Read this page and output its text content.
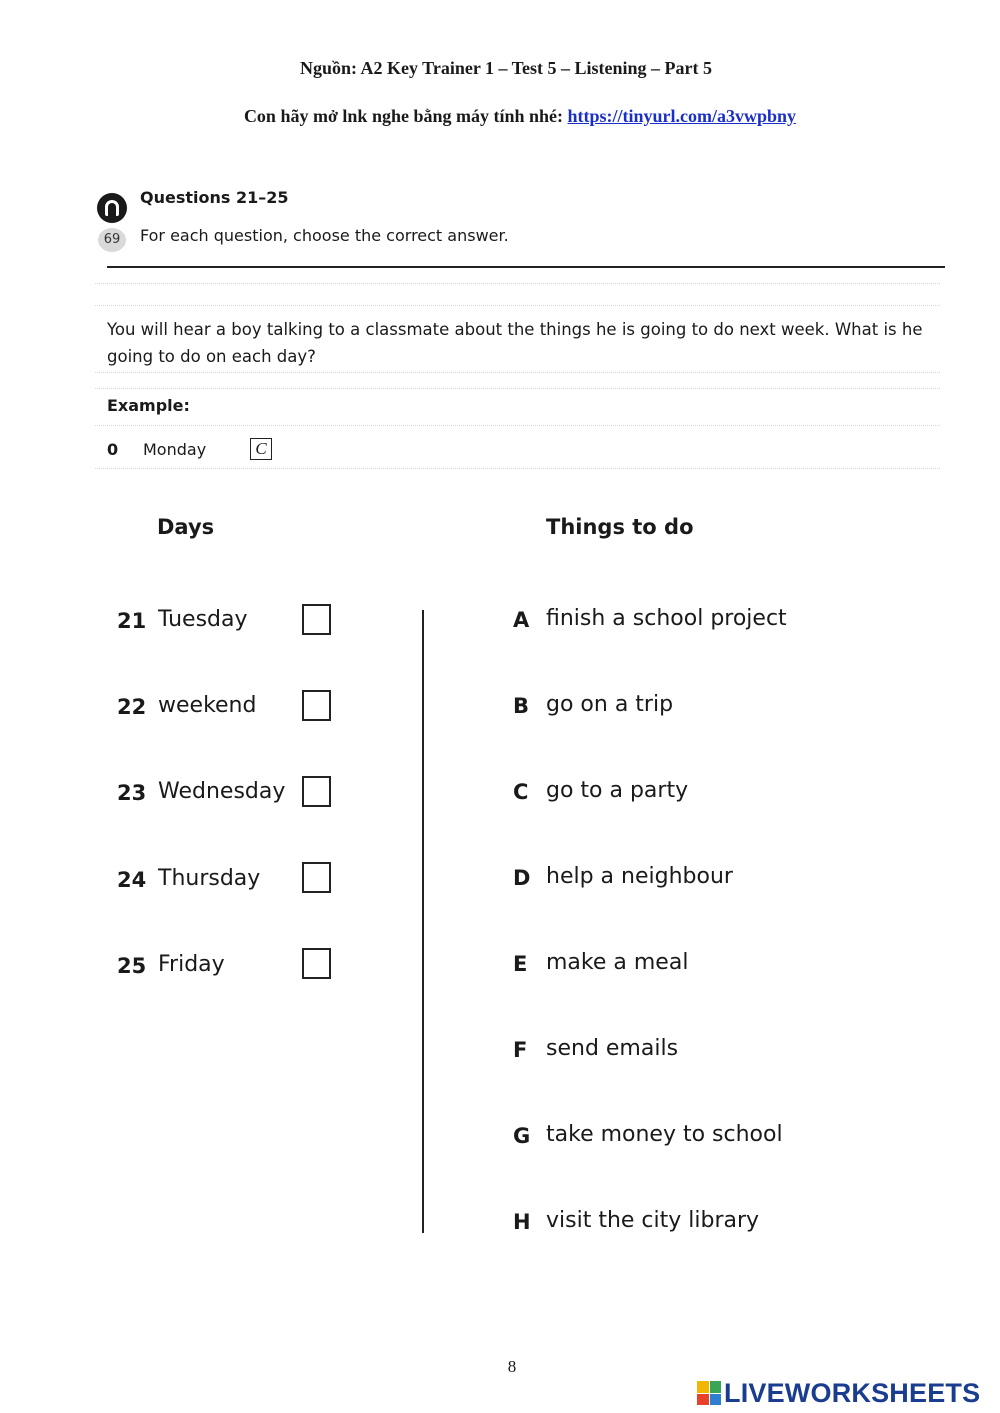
Nguồn: A2 Key Trainer 1 – Test 5 – Listening – Part 5
Con hãy mở lnk nghe bằng máy tính nhé: https://tinyurl.com/a3vwpbny
69
Questions 21–25
For each question, choose the correct answer.
You will hear a boy talking to a classmate about the things he is going to do next week. What is he going to do on each day?
Example:
0 Monday	C
Days	Things to do
21 Tuesday
22 weekend
23 Wednesday
24 Thursday
25 Friday
A finish a school project
B go on a trip
C go to a party
D help a neighbour
E make a meal
F send emails
G take money to school
H visit the city library
8
LIVEWORKSHEETS
